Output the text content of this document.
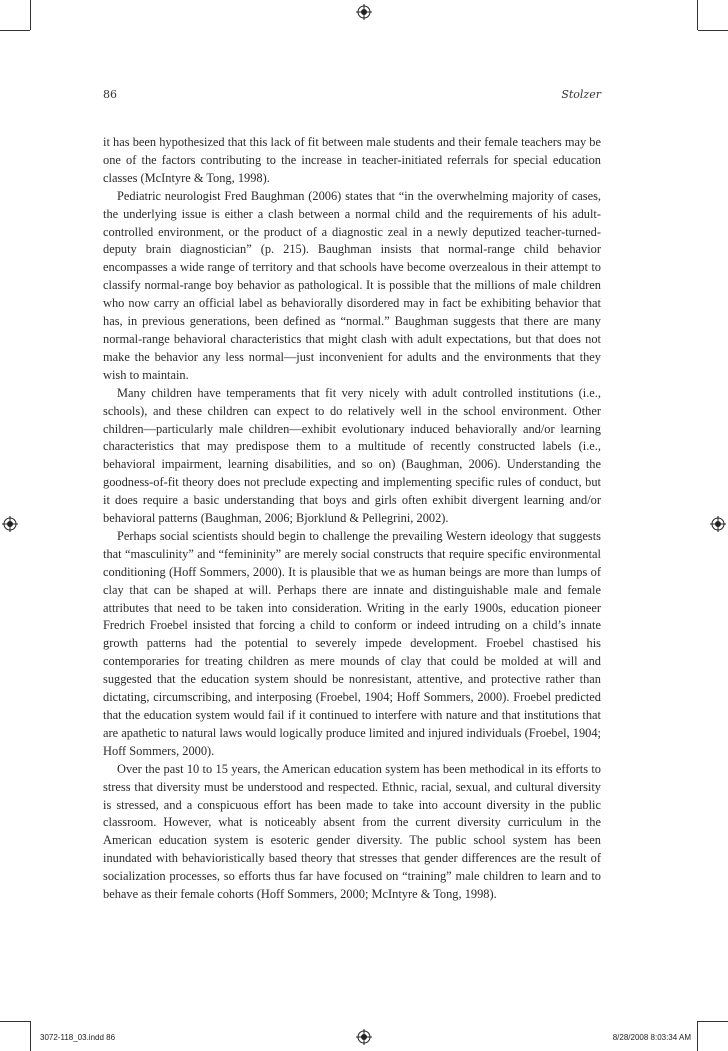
86	Stolzer

it has been hypothesized that this lack of fit between male students and their female teachers may be one of the factors contributing to the increase in teacher-initiated referrals for special education classes (McIntyre & Tong, 1998).

Pediatric neurologist Fred Baughman (2006) states that “in the overwhelming majority of cases, the underlying issue is either a clash between a normal child and the requirements of his adult-controlled environment, or the product of a diagnostic zeal in a newly deputized teacher-turned-deputy brain diagnostician” (p. 215). Baughman insists that normal-range child behavior encompasses a wide range of territory and that schools have become overzealous in their attempt to classify normal-range boy behavior as pathological. It is possible that the millions of male children who now carry an official label as behaviorally disordered may in fact be exhibiting behavior that has, in previous generations, been defined as “normal.” Baughman suggests that there are many normal-range behavioral characteristics that might clash with adult expectations, but that does not make the behavior any less normal—just inconvenient for adults and the environments that they wish to maintain.

Many children have temperaments that fit very nicely with adult controlled institutions (i.e., schools), and these children can expect to do relatively well in the school environment. Other children—particularly male children—exhibit evolutionary induced behaviorally and/or learning characteristics that may predispose them to a multitude of recently constructed labels (i.e., behavioral impairment, learning disabilities, and so on) (Baughman, 2006). Understanding the goodness-of-fit theory does not preclude expecting and implementing specific rules of conduct, but it does require a basic understanding that boys and girls often exhibit divergent learning and/or behavioral patterns (Baughman, 2006; Bjorklund & Pellegrini, 2002).

Perhaps social scientists should begin to challenge the prevailing Western ideology that suggests that “masculinity” and “femininity” are merely social constructs that require specific environmental conditioning (Hoff Sommers, 2000). It is plausible that we as human beings are more than lumps of clay that can be shaped at will. Perhaps there are innate and distinguishable male and female attributes that need to be taken into consideration. Writing in the early 1900s, education pioneer Fredrich Froebel insisted that forcing a child to conform or indeed intruding on a child’s innate growth patterns had the potential to severely impede development. Froebel chastised his contemporaries for treating children as mere mounds of clay that could be molded at will and suggested that the education system should be nonresistant, attentive, and protective rather than dictating, circumscribing, and interposing (Froebel, 1904; Hoff Sommers, 2000). Froebel predicted that the education system would fail if it continued to interfere with nature and that institutions that are apathetic to natural laws would logically produce limited and injured individuals (Froebel, 1904; Hoff Sommers, 2000).

Over the past 10 to 15 years, the American education system has been methodical in its efforts to stress that diversity must be understood and respected. Ethnic, racial, sexual, and cultural diversity is stressed, and a conspicuous effort has been made to take into account diversity in the public classroom. However, what is noticeably absent from the current diversity curriculum in the American education system is esoteric gender diversity. The public school system has been inundated with behavioristically based theory that stresses that gender differences are the result of socialization processes, so efforts thus far have focused on “training” male children to learn and to behave as their female cohorts (Hoff Sommers, 2000; McIntyre & Tong, 1998).

3072-118_03.indd 86	8/28/2008 8:03:34 AM
